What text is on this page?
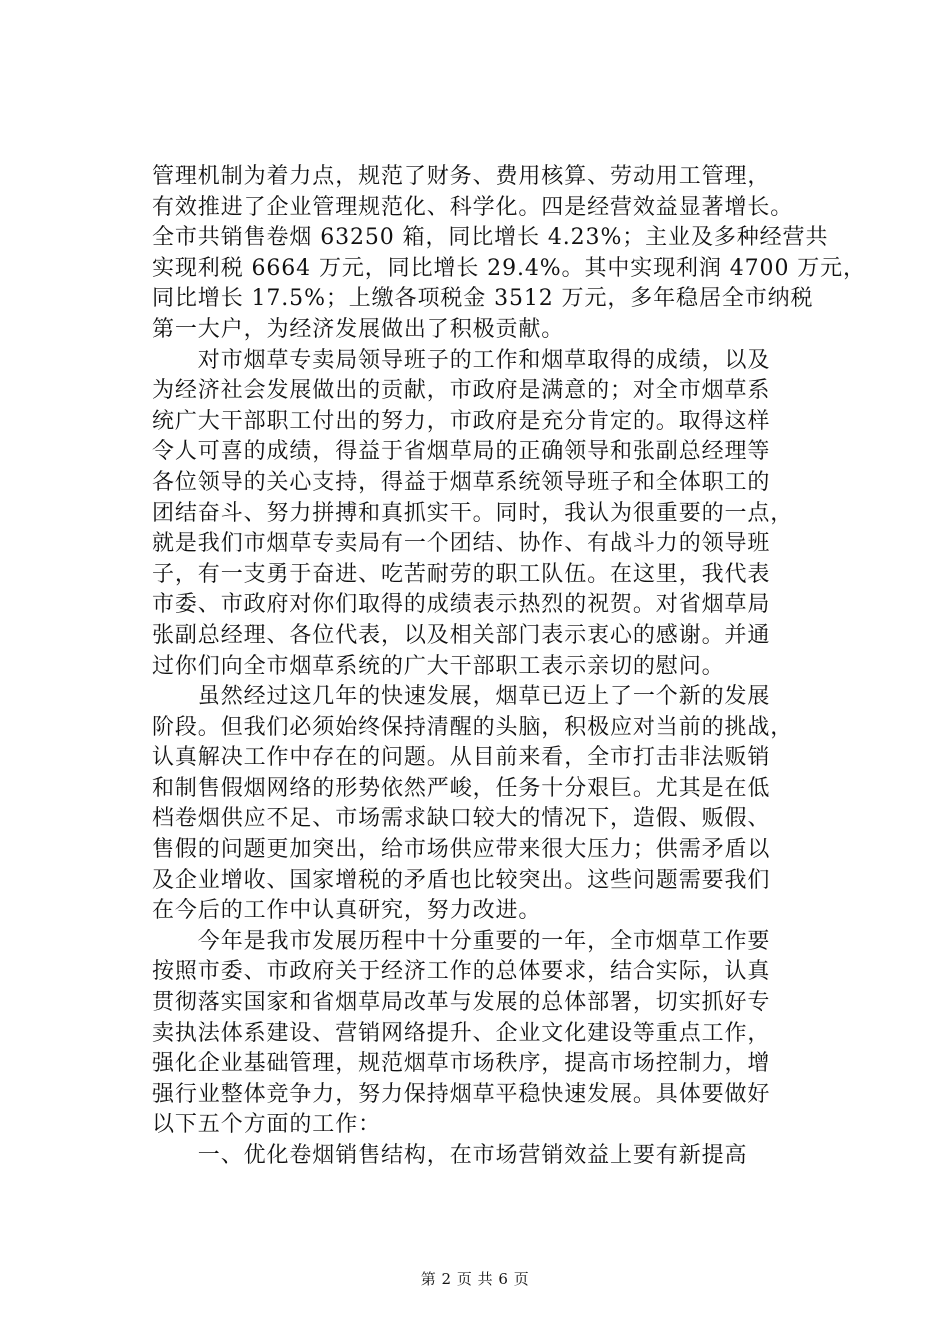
管理机制为着力点，规范了财务、费用核算、劳动用工管理，
有效推进了企业管理规范化、科学化。四是经营效益显著增长。
全市共销售卷烟 63250 箱，同比增长 4.23%；主业及多种经营共
实现利税 6664 万元，同比增长 29.4%。其中实现利润 4700 万元，
同比增长 17.5%；上缴各项税金 3512 万元，多年稳居全市纳税
第一大户，为经济发展做出了积极贡献。
　　对市烟草专卖局领导班子的工作和烟草取得的成绩，以及
为经济社会发展做出的贡献，市政府是满意的；对全市烟草系
统广大干部职工付出的努力，市政府是充分肯定的。取得这样
令人可喜的成绩，得益于省烟草局的正确领导和张副总经理等
各位领导的关心支持，得益于烟草系统领导班子和全体职工的
团结奋斗、努力拼搏和真抓实干。同时，我认为很重要的一点，
就是我们市烟草专卖局有一个团结、协作、有战斗力的领导班
子，有一支勇于奋进、吃苦耐劳的职工队伍。在这里，我代表
市委、市政府对你们取得的成绩表示热烈的祝贺。对省烟草局
张副总经理、各位代表，以及相关部门表示衷心的感谢。并通
过你们向全市烟草系统的广大干部职工表示亲切的慰问。
　　虽然经过这几年的快速发展，烟草已迈上了一个新的发展
阶段。但我们必须始终保持清醒的头脑，积极应对当前的挑战，
认真解决工作中存在的问题。从目前来看，全市打击非法贩销
和制售假烟网络的形势依然严峻，任务十分艰巨。尤其是在低
档卷烟供应不足、市场需求缺口较大的情况下，造假、贩假、
售假的问题更加突出，给市场供应带来很大压力；供需矛盾以
及企业增收、国家增税的矛盾也比较突出。这些问题需要我们
在今后的工作中认真研究，努力改进。
　　今年是我市发展历程中十分重要的一年，全市烟草工作要
按照市委、市政府关于经济工作的总体要求，结合实际，认真
贯彻落实国家和省烟草局改革与发展的总体部署，切实抓好专
卖执法体系建设、营销网络提升、企业文化建设等重点工作，
强化企业基础管理，规范烟草市场秩序，提高市场控制力，增
强行业整体竞争力，努力保持烟草平稳快速发展。具体要做好
以下五个方面的工作：
　　一、优化卷烟销售结构，在市场营销效益上要有新提高
第 2 页 共 6 页
